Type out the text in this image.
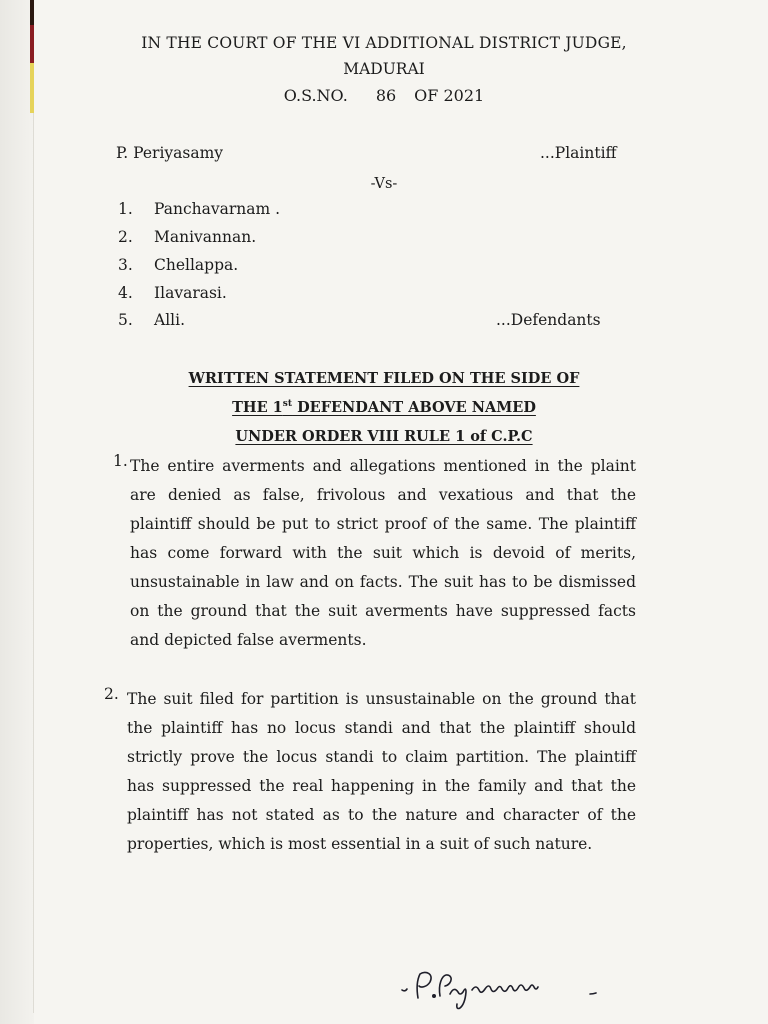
IN THE COURT OF THE VI ADDITIONAL DISTRICT JUDGE,
MADURAI
O.S.NO. 86 OF 2021
P. Periyasamy	...Plaintiff
-Vs-
1. Panchavarnam .
2. Manivannan.
3. Chellappa.
4. Ilavarasi.
5. Alli.	...Defendants
WRITTEN STATEMENT FILED ON THE SIDE OF
THE 1st DEFENDANT ABOVE NAMED
UNDER ORDER VIII RULE 1 of C.P.C
1. The entire averments and allegations mentioned in the plaint are denied as false, frivolous and vexatious and that the plaintiff should be put to strict proof of the same. The plaintiff has come forward with the suit which is devoid of merits, unsustainable in law and on facts. The suit has to be dismissed on the ground that the suit averments have suppressed facts and depicted false averments.
2. The suit filed for partition is unsustainable on the ground that the plaintiff has no locus standi and that the plaintiff should strictly prove the locus standi to claim partition. The plaintiff has suppressed the real happening in the family and that the plaintiff has not stated as to the nature and character of the properties, which is most essential in a suit of such nature.
